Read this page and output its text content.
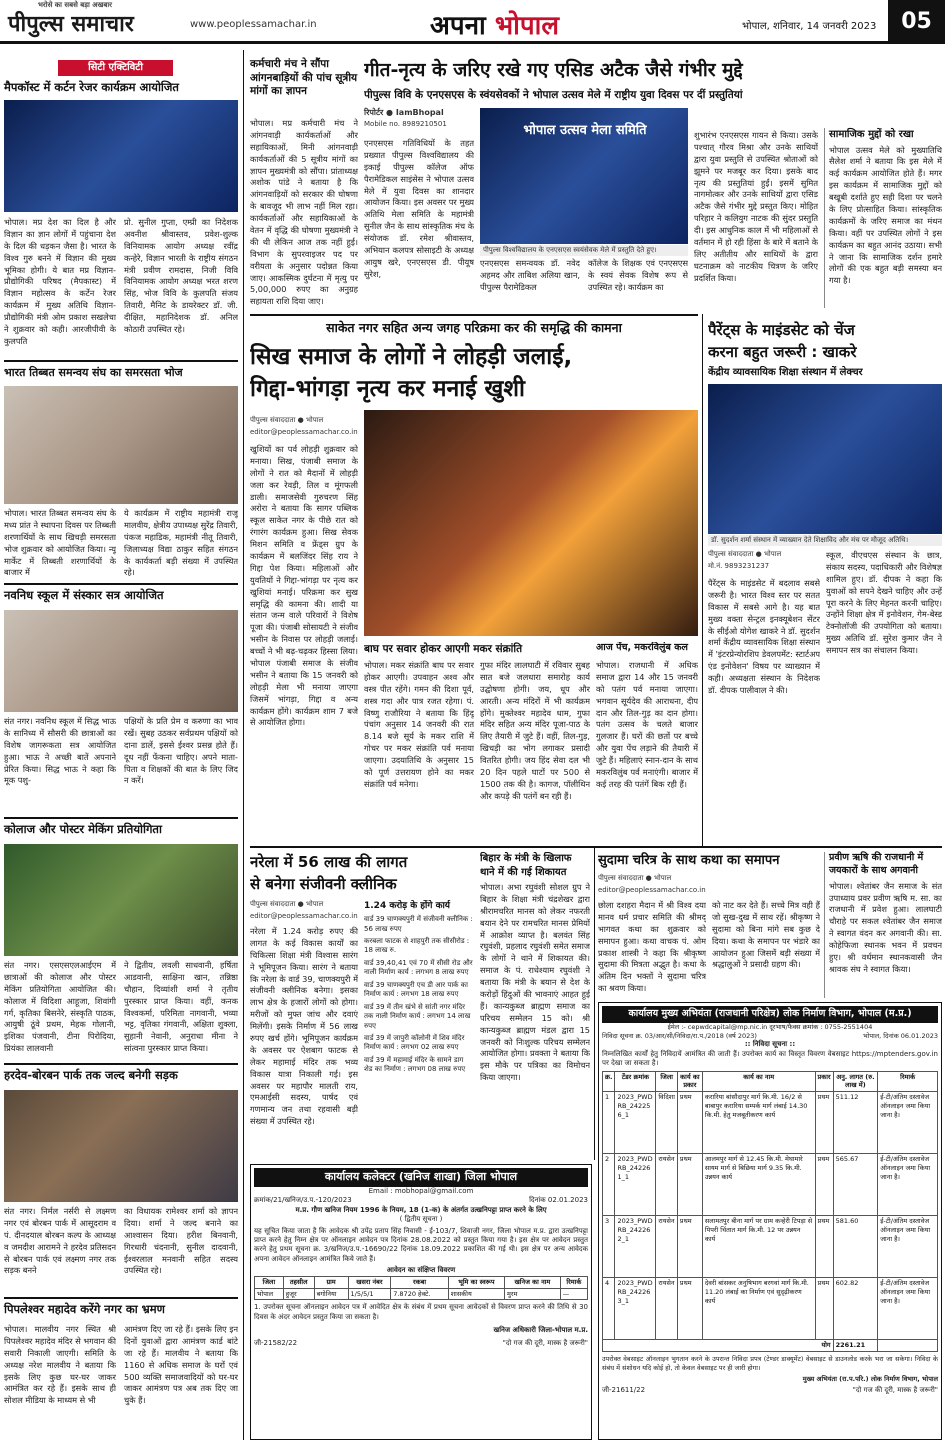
पीपुल्स समाचार
भरोसे का सबसे बड़ा अखबार
www.peoplessamachar.in	अपना भोपाल	भोपाल, शनिवार, 14 जनवरी 2023	05
सिटी एक्टिविटी
मैपकॉस्ट में कर्टन रेजर कार्यक्रम आयोजित
भोपाल। मप्र देश का दिल है और विज्ञान का ज्ञान लोगों में पहुंचाना देश के दिल की धड़कन जैसा है। भारत के विश्व गुरु बनने में विज्ञान की मुख्य भूमिका होगी। ये बात मप्र विज्ञान-प्रौद्योगिकी परिषद (मैपकास्ट) में विज्ञान महोत्सव के कर्टेन रेजर कार्यक्रम में मुख्य अतिथि विज्ञान-प्रौद्योगिकी मंत्री ओम प्रकाश सखलेचा ने शुक्रवार को कही। आरजीपीवी के कुलपति
प्रो. सुनील गुप्ता, एम्प्री का निदेशक अवनीश श्रीवास्तव, प्रवेश-शुल्क विनियामक आयोग अध्यक्ष रवींद्र कन्हेरे, विज्ञान भारती के राष्ट्रीय संगठन मंत्री प्रवीण रामदास, निजी विवि विनियामक आयोग अध्यक्ष भरत शरण सिंह, भोज विवि के कुलपति संजय तिवारी, मैनिट के डायरेक्टर डॉ. जी. दीक्षित, महानिदेशक डॉ. अनिल कोठारी उपस्थित रहे।
भारत तिब्बत समन्वय संघ का समरसता भोज
भोपाल। भारत तिब्बत समन्वय संघ के मध्य प्रांत ने स्थापना दिवस पर तिब्बती शरणार्थियों के साथ खिचड़ी समरसता भोज शुक्रवार को आयोजित किया। न्यू मार्केट में तिब्बती शरणार्थियों के बाजार में
ये कार्यक्रम में राष्ट्रीय महामंत्री राजू मालवीय, क्षेत्रीय उपाध्यक्ष सुरेंद्र तिवारी, पंकज महाडिक, महामंत्री नीतू तिवारी, जिलाध्यक्ष विद्या ठाकुर सहित संगठन के कार्यकर्ता बड़ी संख्या में उपस्थित रहे।
नवनिध स्कूल में संस्कार सत्र आयोजित
संत नगर। नवनिध स्कूल में सिद्ध भाऊ के सानिध्य में सौसरी की छात्राओं का विशेष जागरूकता सत्र आयोजित हुआ। भाऊ ने अच्छी बातें अपनाने प्रेरित किया। सिद्ध भाऊ ने कहा कि मूक पशु-
पक्षियों के प्रति प्रेम व करुणा का भाव रखें। सुबह उठकर सर्वप्रथम पक्षियों को दाना डालें, इससे ईश्वर प्रसन्न होते हैं। दूध नहीं फेंकना चाहिए। अपने माता-पिता व शिक्षकों की बात के लिए जिद न करें।
कोलाज और पोस्टर मेकिंग प्रतियोगिता
संत नगर। एसएसएलआईएम में छात्राओं की कोलाज और पोस्टर मेकिंग प्रतियोगिता आयोजित की। कोलाज में विदिशा आहूजा, शिवांगी गर्ग, कृतिका बिसनेरे, संस्कृति पाठक, आयुषी ठूंवे प्रथम, मेहक गोलानी, इशिका पंजवानी, टीना पिरोदिया, प्रियंका लालवानी
ने द्वितीय, लवली साधवानी, हर्षिता आडवानी, साक्षिना खान, तन्निष्ठा चौहान, दिव्यांशी शर्मा ने तृतीय पुरस्कार प्राप्त किया। वहीं, कनक विश्वकर्मा, परिमिता नागवानी, भव्या भट्ट, वृतिका गंगवानी, अक्षिता शुक्ला, सुहानी नेवानी, अनुराधा मीना ने सांत्वना पुरस्कार प्राप्त किया।
हरदेव-बोरबन पार्क तक जल्द बनेगी सड़क
संत नगर। निर्मल नर्सरी से लक्ष्मण नगर एवं बोरबन पार्क में आसूदराम व पं. दीनदयाल बोरबन कल्प के आध्यक्ष व जमदीश आरामने ने हरदेव प्रतिसदन से बोरबन पार्क एवं लक्ष्मण नगर तक सड़क बनने
का विधायक रामेश्वर शर्मा को ज्ञापन दिया। शर्मा ने जल्द बनाने का आश्वासन दिया। हरीश बिनवानी, गिरधारी चंदनानी, सुनील दादवानी, ईश्वरलाल मनवानी सहित सदस्य उपस्थित रहे।
पिपलेश्वर महादेव करेंगे नगर का भ्रमण
भोपाल। मालवीय नगर स्थित श्री पिपलेश्वर महादेव मंदिर से भगवान की सवारी निकाली जाएगी। समिति के अध्यक्ष नरेश मालवीय ने बताया कि इसके लिए कुछ घर-घर जाकर आमंत्रित कर रहे हैं। इसके साथ ही सोशल मीडिया के माध्यम से भी
आमंत्रण दिए जा रहे हैं। इसके लिए इन दिनों युवाओं द्वारा आमंत्रण कार्ड बांटे जा रहे हैं। मालवीय ने बताया कि 1160 से अधिक समाज के घरों एवं 500 व्यक्ति समाजवादियों को घर-घर जाकर आमंत्रण पत्र अब तक दिए जा चुके हैं।
कर्मचारी मंच ने सौंपा आंगनबाड़ियों की पांच सूत्रीय मांगों का ज्ञापन
भोपाल। मप्र कर्मचारी मंच ने आंगनवाड़ी कार्यकर्ताओं और सहायिकाओं, मिनी आंगनवाड़ी कार्यकर्ताओं की 5 सूत्रीय मांगों का ज्ञापन मुख्यमंत्री को सौंपा। प्रांताध्यक्ष अशोक पांडे ने बताया है कि आंगनवाड़ियों को सरकार की घोषणा के बावजूद भी लाभ नहीं मिल रहा। कार्यकर्ताओं और सहायिकाओं के वेतन में वृद्धि की घोषणा मुख्यमंत्री ने की थी लेकिन आज तक नहीं हुई। विभाग के सुपरवाइजर पद पर वरीयता के अनुसार पदोन्नत किया जाए। आकस्मिक दुर्घटना में मृत्यु पर 5,00,000 रुपए का अनुग्रह सहायता राशि दिया जाए।
गीत-नृत्य के जरिए रखे गए एसिड अटैक जैसे गंभीर मुद्दे
पीपुल्स विवि के एनएसएस के स्वंयसेवकों ने भोपाल उत्सव मेले में राष्ट्रीय युवा दिवस पर दीं प्रस्तुतियां
रिपोर्टर ● IamBhopal
Mobile no. 8989210501
एनएसएस गतिविधियों के तहत प्रख्यात पीपुल्स विश्वविद्यालय की इकाई पीपुल्स कॉलेज ऑफ पैरामेडिकल साइंसेस ने भोपाल उत्सव मेले में युवा दिवस का शानदार आयोजन किया। इस अवसर पर मुख्य अतिथि मेला समिति के महामंत्री सुनील जैन के साथ सांस्कृतिक मंच के संयोजक डॉ. रमेश श्रीवास्तव, अभियान कलपत्र सोसाइटी के अध्यक्ष आयुष खरे, एनएसएस डी. पीयूष सुरेश,
भोपाल उत्सव मेला समिति
पीपुल्स विश्वविद्यालय के एनएसएस स्वयंसेवक मेले में प्रस्तुति देते हुए।
एनएसएस समन्वयक डॉ. नवेद अहमद और ताबिश अलिया खान, पीपुल्स पैरामेडिकल
कॉलेज के शिक्षक एवं एनएसएस के स्वयं सेवक विशेष रूप से उपस्थित रहे। कार्यक्रम का
शुभारंभ एनएसएस गायन से किया। उसके पश्चात् गौरव मिश्रा और उनके साथियों द्वारा युवा प्रस्तुति से उपस्थित श्रोताओं को झूमने पर मजबूर कर दिया। इसके बाद नृत्य की प्रस्तुतियां हुईं। इसमें सुमित नागमोत्कर और उनके साथियों द्वारा एसिड अटैक जैसे गंभीर मुद्दे प्रस्तुत किए। मोहित परिहार ने कलियुग नाटक की सुंदर प्रस्तुति दी। इस आधुनिक काल में भी महिलाओं से वर्तमान में हो रही हिंसा के बारे में बताने के लिए अतीतीय और साथियों के द्वारा घटनाक्रम को नाटकीय चित्रण के जरिए प्रदर्शित किया।
सामाजिक मुद्दों को रखा
भोपाल उत्सव मेले को मुख्यातिथि सैलेश शर्मा ने बताया कि इस मेले में कई कार्यक्रम आयोजित होते हैं। मगर इस कार्यक्रम में सामाजिक मुद्दों को बखूबी दर्शाते हुए सही दिशा पर चलने के लिए प्रोत्साहित किया। सांस्कृतिक कार्यक्रमों के जरिए समाज का मंथन किया। वहीं पर उपस्थित लोगों ने इस कार्यक्रम का बहुत आनंद उठाया। सभी ने जाना कि सामाजिक दर्शन हमारे लोगों की एक बहुत बड़ी समस्या बन गया है।
साकेत नगर सहित अन्य जगह परिक्रमा कर की समृद्धि की कामना
सिख समाज के लोगों ने लोहड़ी जलाई,
गिद्दा-भांगड़ा नृत्य कर मनाई खुशी
पीपुल्स संवाददाता ● भोपाल
editor@peoplessamachar.co.in
खुशियों का पर्व लोहड़ी शुक्रवार को मनाया। सिख, पंजाबी समाज के लोगों ने रात को मैदानों में लोहड़ी जला कर रेवड़ी, तिल व मूंगफली डाली। समाजसेवी गुरुचरण सिंह अरोरा ने बताया कि सागर पब्लिक स्कूल साकेत नगर के पीछे रात को रंगारंग कार्यक्रम हुआ। सिख सेवक मिशन समिति व फ्रेंड्स ग्रुप के कार्यक्रम में बलजिंदर सिंह राय ने गिद्दा पेश किया। महिलाओं और युवतियों ने गिद्दा-भांगड़ा पर नृत्य कर खुशियां मनाई। परिक्रमा कर सुख समृद्धि की कामना की। शादी या संतान जन्म वाले परिवारों ने विशेष पूजा की। पंजाबी सोसायटी ने संजीव भसीन के निवास पर लोहड़ी जलाई। बच्चों ने भी बढ़-चढ़कर हिस्सा लिया। भोपाल पंजाबी समाज के संजीव भसीन ने बताया कि 15 जनवरी को लोहड़ी मेला भी मनाया जाएगा जिसमें भांगड़ा, गिद्दा व अन्य कार्यक्रम होंगे। कार्यक्रम शाम 7 बजे से आयोजित होगा।
बाघ पर सवार होकर आएगी मकर संक्रांति
भोपाल। मकर संक्रांति बाघ पर सवार होकर आएगी। उपवाहन अश्व और वस्त्र पीत रहेंगे। गमन की दिशा पूर्व, शस्त्र गदा और पात्र रजत रहेगा। पं. विष्णु राजौरिया ने बताया कि हिंदू पंचांग अनुसार 14 जनवरी की रात 8.14 बजे सूर्य के मकर राशि में गोचर पर मकर संक्रांति पर्व मनाया जाएगा। उदयातिथि के अनुसार 15 को पूर्ण उत्तरायण होने का मकर संक्रांति पर्व मनेगा।
गुफा मंदिर लालघाटी में रविवार सुबह सात बजे जलधारा समारोह कार्य उद्घोषणा होगी। जय, धूप और आरती। अन्य मंदिरों में भी कार्यक्रम होंगे। मुक्तेश्वर महादेव धाम, गुफा मंदिर सहित अन्य मंदिर पूजा-पाठ के लिए तैयारी में जुटे हैं। वहीं, तिल-गुड़, खिचड़ी का भोग लगाकर प्रसादी वितरित होगी। जय हिंद सेवा दल भी 20 दिन पहले घाटों पर 500 से 1500 तक की है। कागज, पॉलीथिन और कपड़े की पतंगें बन रही हैं।
आज पेंच, मकरविलुंब कल
भोपाल। राजधानी में अधिक समाज द्वारा 14 और 15 जनवरी को पतंग पर्व मनाया जाएगा। भगवान सूर्यदेव की आराधना, दीप दान और तिल-गुड़ का दान होगा। पतंग उत्सव के चलते बाजार गुलजार हैं। घरों की छतों पर बच्चे और युवा पेंच लड़ाने की तैयारी में जुटे हैं। महिलाएं स्नान-दान के साथ मकरविलुंब पर्व मनाएंगी। बाजार में कई तरह की पतंगें बिक रही हैं।
पैरेंट्स के माइंडसेट को चेंज
करना बहुत जरूरी : खाकरे
केंद्रीय व्यावसायिक शिक्षा संस्थान में लेक्चर
डॉ. सुदर्शन शर्मा संस्थान में व्याख्यान देते शिक्षाविद और मंच पर मौजूद अतिथि।
पीपुल्स संवाददाता ● भोपाल
मो.नं. 9893231237
पैरेंट्स के माइंडसेट में बदलाव सबसे जरूरी है। भारत विश्व स्तर पर सतत विकास में सबसे आगे है। यह बात मुख्य वक्ता सेन्ट्रल इनक्यूबेशन सेंटर के सीईओ योगेश खाकरे ने डॉ. सुदर्शन शर्मा केंद्रीय व्यावसायिक शिक्षा संस्थान में 'इंटरप्रेन्योरशिप डेवलपमेंट: स्टार्टअप एंड इनोवेशन' विषय पर व्याख्यान में कही। अध्यक्षता संस्थान के निदेशक डॉ. दीपक पालीवाल ने की।
स्कूल, वीएचएस संस्थान के छात्र, संकाय सदस्य, पदाधिकारी और विशेषज्ञ शामिल हुए। डॉ. दीपक ने कहा कि युवाओं को सपने देखने चाहिए और उन्हें पूरा करने के लिए मेहनत करनी चाहिए। उन्होंने शिक्षा क्षेत्र में इनोवेशन, गेम-बेस्ड टेक्नोलॉजी की उपयोगिता को बताया। मुख्य अतिथि डॉ. सुरेश कुमार जैन ने समापन सत्र का संचालन किया।
नरेला में 56 लाख की लागत
से बनेगा संजीवनी क्लीनिक
पीपुल्स संवाददाता ● भोपाल
editor@peoplessamachar.co.in
नरेला में 1.24 करोड़ रुपए की लागत के कई विकास कार्यों का चिकित्सा शिक्षा मंत्री विश्वास सारंग ने भूमिपूजन किया। सारंग ने बताया कि नरेला के वार्ड 39, चाणक्यपुरी में संजीवनी क्लीनिक बनेगा। इसका लाभ क्षेत्र के हजारों लोगों को होगा। मरीजों को मुफ्त जांच और दवाएं मिलेंगी। इसके निर्माण में 56 लाख रुपए खर्च होंगे। भूमिपूजन कार्यक्रम के अवसर पर ऐशबाग फाटक से लेकर महामाई मंदिर तक भव्य विकास यात्रा निकाली गई। इस अवसर पर महापौर मालती राय, एमआईसी सदस्य, पार्षद एवं गणमान्य जन तथा रहवासी बड़ी संख्या में उपस्थित रहे।
1.24 करोड़ के होंगे कार्य
वार्ड 39 चाणक्यपुरी में संजीवनी क्लीनिक : 56 लाख रुपए
करबला फाटक से शाहपुरी तक सीसीरोड : 18 लाख रु.
वार्ड 39,40,41 एवं 70 में सीसी रोड और नाली निर्माण कार्य : लगभग 8 लाख रुपए
वार्ड 39 चाणक्यपुरी एच डी आर पार्क का निर्माण कार्य : लगभग 18 लाख रुपए
वार्ड 39 में तीन खंभे से सांती नगर मंदिर तक नाली निर्माण कार्य : लगभग 14 लाख रुपए
वार्ड 39 में जापुरी कॉलोनी में शिव मंदिर निर्माण कार्य : लगभग 02 लाख रुपए
वार्ड 39 में महामाई मंदिर के सामने डाग शेड का निर्माण : लगभग 08 लाख रुपए
बिहार के मंत्री के खिलाफ
थाने में की गई शिकायत
भोपाल। अभा रघुवंशी सोशल ग्रुप ने बिहार के शिक्षा मंत्री चंद्रशेखर द्वारा श्रीरामचरित मानस को लेकर नफरती बयान देने पर रामचरित मानस प्रेमियों में आक्रोश व्याप्त है। बलवंत सिंह रघुवंशी, प्रहलाद रघुवंशी समेत समाज के लोगों ने थाने में शिकायत की। समाज के पं. राधेश्याम रघुवंशी ने बताया कि मंत्री के बयान से देश के करोड़ों हिंदुओं की भावनाएं आहत हुई हैं। कान्यकुब्ज ब्राह्मण समाज का परिचय सम्मेलन 15 को। श्री कान्यकुब्ज ब्राह्मण मंडल द्वारा 15 जनवरी को निःशुल्क परिचय सम्मेलन आयोजित होगा। प्रवक्ता ने बताया कि इस मौके पर पत्रिका का विमोचन किया जाएगा।
सुदामा चरित्र के साथ कथा का समापन
पीपुल्स संवाददाता ● भोपाल
editor@peoplessamachar.co.in
छोला दशहरा मैदान में श्री विश्व दया मानव धर्म प्रचार समिति की श्रीमद् भागवत कथा का शुक्रवार को समापन हुआ। कथा वाचक पं. ओम प्रकाश शास्त्री ने कहा कि श्रीकृष्ण सुदामा की मित्रता अद्भुत है। कथा के अंतिम दिन भक्तों ने सुदामा चरित्र का श्रवण किया।
को नाट कर देते हैं। सच्चे मित्र वही हैं जो सुख-दुख में साथ रहें। श्रीकृष्ण ने सुदामा को बिना मांगे सब कुछ दे दिया। कथा के समापन पर भंडारे का आयोजन हुआ जिसमें बड़ी संख्या में श्रद्धालुओं ने प्रसादी ग्रहण की।
प्रवीण ऋषि की राजधानी में जयकारों के साथ अगवानी
भोपाल। श्वेतांबर जैन समाज के संत उपाध्याय प्रवर प्रवीण ऋषि म. सा. का राजधानी में प्रवेश हुआ। लालघाटी चौराहे पर सकल श्वेतांबर जैन समाज ने स्वागत वंदन कर अगवानी की। सा. कोहेफिजा स्थानक भवन में प्रवचन हुए। श्री वर्धमान स्थानकवासी जैन श्रावक संघ ने स्वागत किया।
कार्यालय कलेक्टर (खनिज शाखा) जिला भोपाल
Email : mobhopal@gmail.com
क्रमांक/21/खनिज/उ.प.-120/2023	दिनांक 02.01.2023
म.प्र. गौण खनिज नियम 1996 के नियम, 18 (1-क) के अंतर्गत उत्खनिपट्टा प्राप्त करने के लिए
( द्वितीय सूचना )
यह सूचित किया जाता है कि आवेदक श्री उपेंद्र प्रताप सिंह निवासी - ई-103/7, शिवाजी नगर, जिला भोपाल म.प्र. द्वारा उत्खनिपट्टा प्राप्त करने हेतु निम्न क्षेत्र पर ऑनलाइन आवेदन पत्र दिनांक 28.08.2022 को प्रस्तुत किया गया है। इस क्षेत्र पर आवेदन प्रस्तुत करने हेतु प्रथम सूचना क्र. 3/खनिज/उ.प.-16690/22 दिनांक 18.09.2022 प्रकाशित की गई थी। इस क्षेत्र पर अन्य आवेदक अपना आवेदन ऑनलाइन आमंत्रित किये जाते हैं।
आवेदन का संक्षिप्त विवरण
जिला	तहसील	ग्राम	खसरा नंबर	रकबा	भूमि का स्वरूप	खनिज का नाम	रिमार्क
भोपाल	हुजूर	बगोनिया	1/5/5/1	7.8720 हेक्टे.	शासकीय	मुरम	—
1. उपरोक्त सूचना ऑनलाइन आवेदन पत्र में आवेदित क्षेत्र के संबंध में प्रथम सूचना आवेदकों से विवरण प्राप्त करने की तिथि से 30 दिवस के अंदर आवेदन प्रस्तुत किया जा सकता है।
खनिज अधिकारी जिला-भोपाल म.प्र.
जी-21582/22	"दो गज की दूरी, मास्क है जरूरी"
कार्यालय मुख्य अभियंता (राजधानी परिक्षेत्र) लोक निर्माण विभाग, भोपाल (म.प्र.)
ईमेल :- cepwdcapital@mp.nic.in दूरभाष/फैक्स क्रमांक : 0755-2551404
निविदा सूचना क्र. 03/आर/सी/निविदा/रा.प./2018 (वर्ष 2023)	भोपाल, दिनांक 06.01.2023
:: निविदा सूचना ::
निम्नलिखित कार्यों हेतु निविदायें आमंत्रित की जाती हैं। उपरोक्त कार्य का विस्तृत विवरण वेबसाइट https://mptenders.gov.in पर देखा जा सकता है।
क्र.	टेंडर क्रमांक	जिला	कार्य का प्रकार	कार्य का नाम	प्रकार	अनु. लागत (रु. लाख में)	रिमार्क
1	2023_PWDRB_242256_1	विदिशा	प्रथम	करारिया बांसौदापुर मार्ग कि.मी. 16/2 से बाबापुर करारिया सम्पर्क मार्ग लंबाई 14.30 कि.मी. हेतु मजबूतीकरण कार्य	प्रथम	511.12	ई-टी/अंतिम दस्तावेज ऑनलाइन जमा किया जाना है।
2	2023_PWDRB_242261_1	रायसेन	प्रथम	आलमपुर मार्ग से 12.45 कि.मी. मेघामारे सायम मार्ग से बिछिया मार्ग 9.35 कि.मी. उन्नयन कार्य	प्रथम	565.67	ई-टी/अंतिम दस्तावेज ऑनलाइन जमा किया जाना है।
3	2023_PWDRB_242262_1	रायसेन	प्रथम	सलामतपुर बीना मार्ग पर ग्राम कन्हेरी टिपड़ा से पिपरी चिंतात मार्ग कि.मी. 12 पर उन्नयन कार्य	प्रथम	581.60	ई-टी/अंतिम दस्तावेज ऑनलाइन जमा किया जाना है।
4	2023_PWDRB_242263_1	रायसेन	प्रथम	देवरी बांसकर अनुषिभाग बरगवां मार्ग कि.मी. 11.20 लंबाई का निर्माण एवं सुदृढ़ीकरण कार्य	प्रथम	602.82	ई-टी/अंतिम दस्तावेज ऑनलाइन जमा किया जाना है।
योग						2261.21	
उपरोक्त वेबसाइट ऑनलाइन भुगतान करने के उपरान्त निविदा प्रपत्र (टेण्डर डाक्यूमेंट) वेबसाइट से डाउनलोड करके भरा जा सकेगा। निविदा के संबंध में संशोधन यदि कोई हो, तो केवल वेबसाइट पर ही जारी होगा।
मुख्य अभियंता (रा.प.परि.) लोक निर्माण विभाग, भोपाल
जी-21611/22	"दो गज की दूरी, मास्क है जरूरी"
